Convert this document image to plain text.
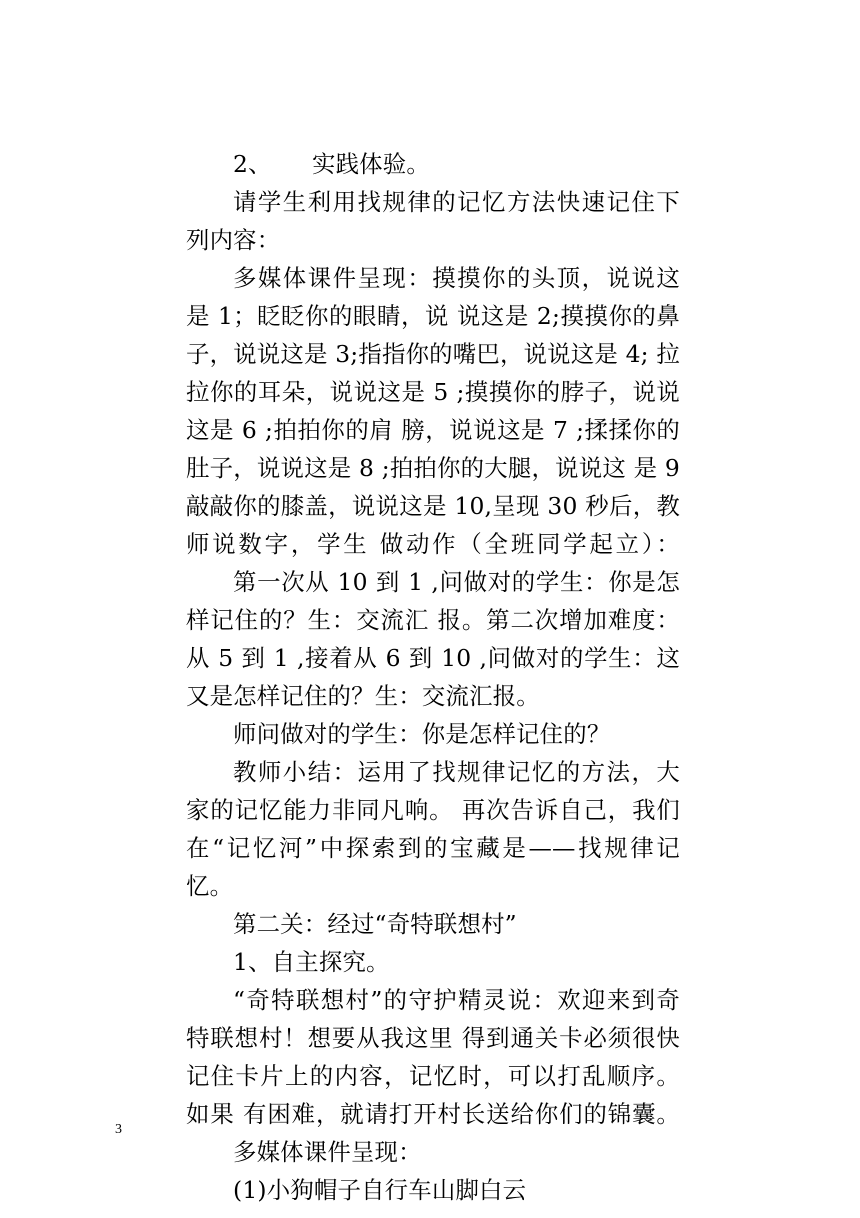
2、 实践体验。
请学生利用找规律的记忆方法快速记住下
列内容：
多媒体课件呈现：摸摸你的头顶，说说这
是 1；眨眨你的眼睛，说 说这是 2;摸摸你的鼻
子，说说这是 3;指指你的嘴巴，说说这是 4; 拉
拉你的耳朵，说说这是 5 ;摸摸你的脖子，说说
这是 6 ;拍拍你的肩 膀，说说这是 7 ;揉揉你的
肚子，说说这是 8 ;拍拍你的大腿，说说这 是 9
敲敲你的膝盖，说说这是 10,呈现 30 秒后，教
师说数字，学生 做动作（全班同学起立）：
第一次从 10 到 1 ,问做对的学生：你是怎
样记住的？生：交流汇 报。第二次增加难度：
从 5 到 1 ,接着从 6 到 10 ,问做对的学生：这
又是怎样记住的？生：交流汇报。
师问做对的学生：你是怎样记住的？
教师小结：运用了找规律记忆的方法，大
家的记忆能力非同凡响。 再次告诉自己，我们
在“记忆河”中探索到的宝藏是——找规律记
忆。
第二关：经过“奇特联想村”
1、自主探究。
“奇特联想村”的守护精灵说：欢迎来到奇
特联想村！想要从我这里 得到通关卡必须很快
记住卡片上的内容，记忆时，可以打乱顺序。
如果 有困难，就请打开村长送给你们的锦囊。
多媒体课件呈现：
(1)小狗帽子自行车山脚白云
3
